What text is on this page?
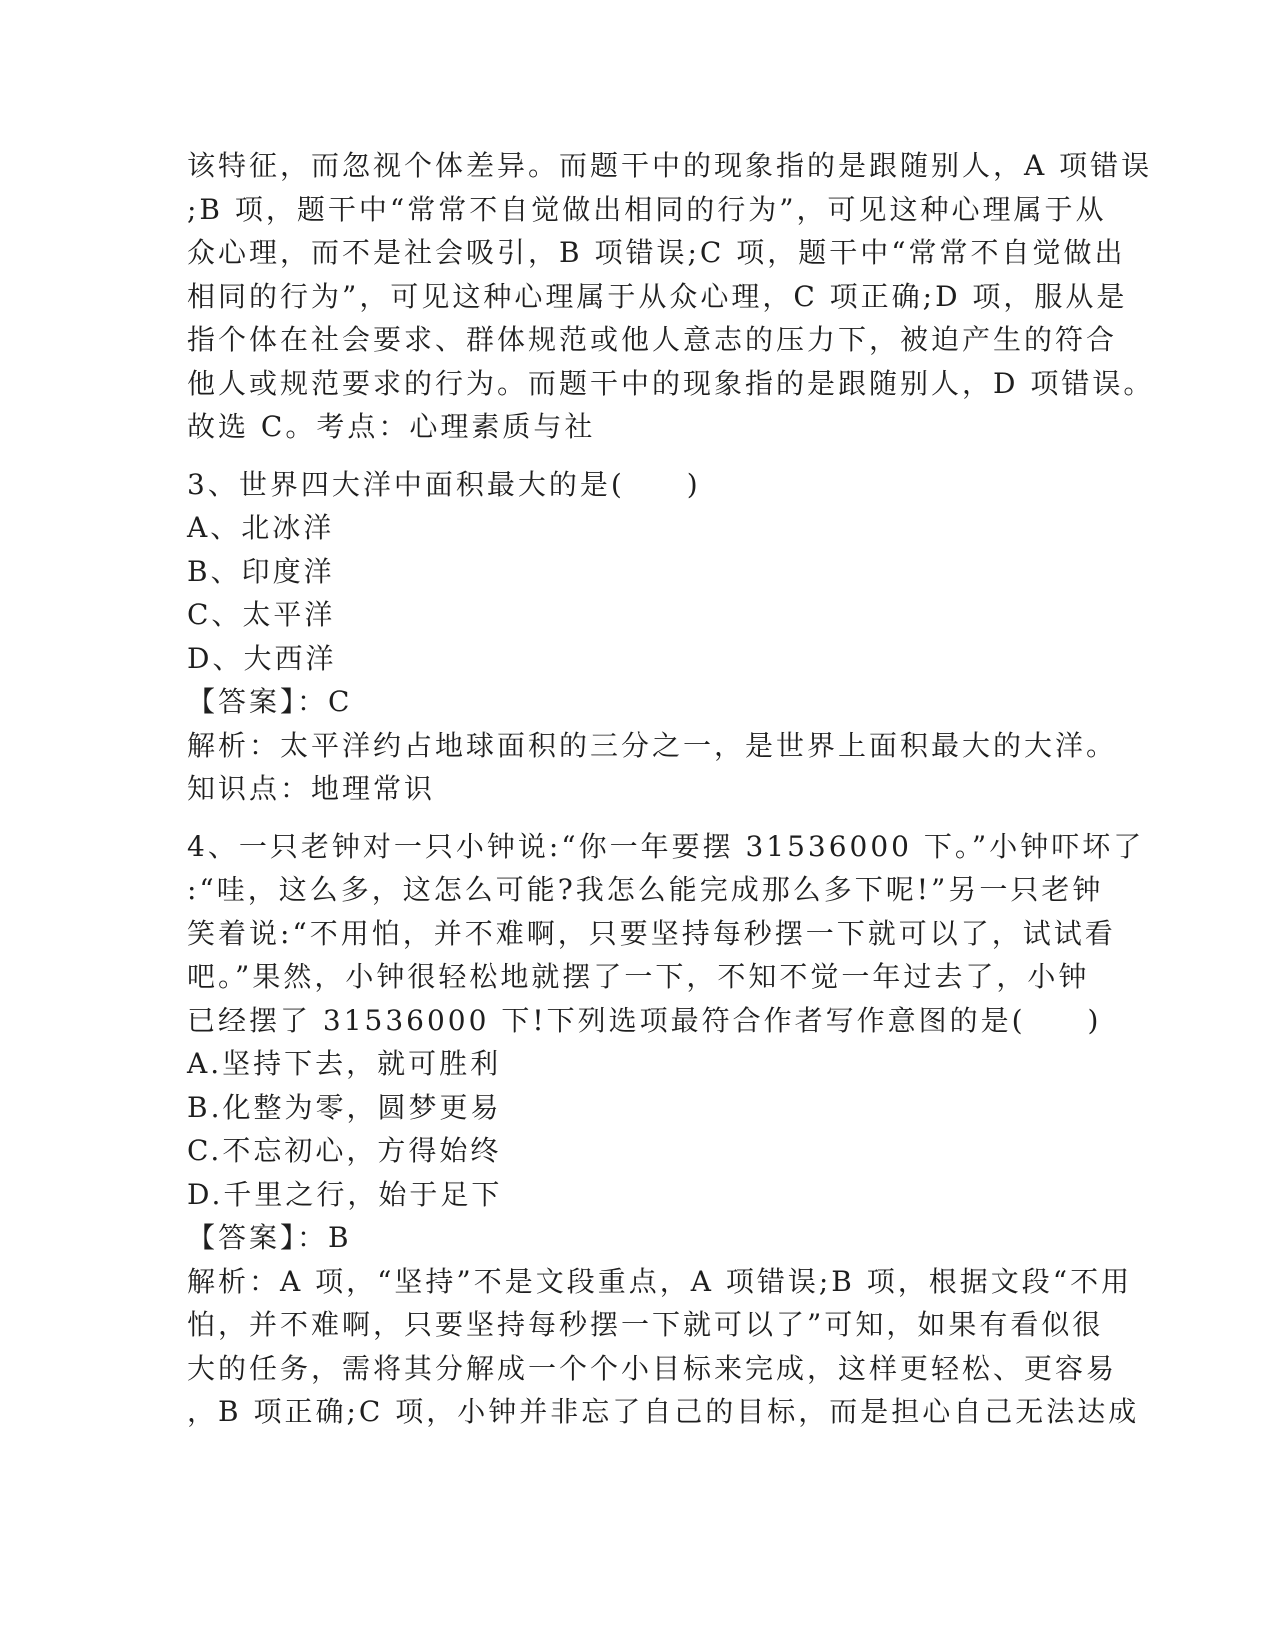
该特征，而忽视个体差异。而题干中的现象指的是跟随别人，A 项错误
;B 项，题干中“常常不自觉做出相同的行为”，可见这种心理属于从
众心理，而不是社会吸引，B 项错误;C 项，题干中“常常不自觉做出
相同的行为”，可见这种心理属于从众心理，C 项正确;D 项，服从是
指个体在社会要求、群体规范或他人意志的压力下，被迫产生的符合
他人或规范要求的行为。而题干中的现象指的是跟随别人，D 项错误。
故选 C。考点：心理素质与社
3、世界四大洋中面积最大的是(　　)
A、北冰洋
B、印度洋
C、太平洋
D、大西洋
【答案】：C
解析：太平洋约占地球面积的三分之一，是世界上面积最大的大洋。
知识点：地理常识
4、一只老钟对一只小钟说:“你一年要摆 31536000 下。”小钟吓坏了
:“哇，这么多，这怎么可能?我怎么能完成那么多下呢!”另一只老钟
笑着说:“不用怕，并不难啊，只要坚持每秒摆一下就可以了，试试看
吧。”果然，小钟很轻松地就摆了一下，不知不觉一年过去了，小钟
已经摆了 31536000 下!下列选项最符合作者写作意图的是(　　)
A.坚持下去，就可胜利
B.化整为零，圆梦更易
C.不忘初心，方得始终
D.千里之行，始于足下
【答案】：B
解析：A 项，“坚持”不是文段重点，A 项错误;B 项，根据文段“不用
怕，并不难啊，只要坚持每秒摆一下就可以了”可知，如果有看似很
大的任务，需将其分解成一个个小目标来完成，这样更轻松、更容易
，B 项正确;C 项，小钟并非忘了自己的目标，而是担心自己无法达成
